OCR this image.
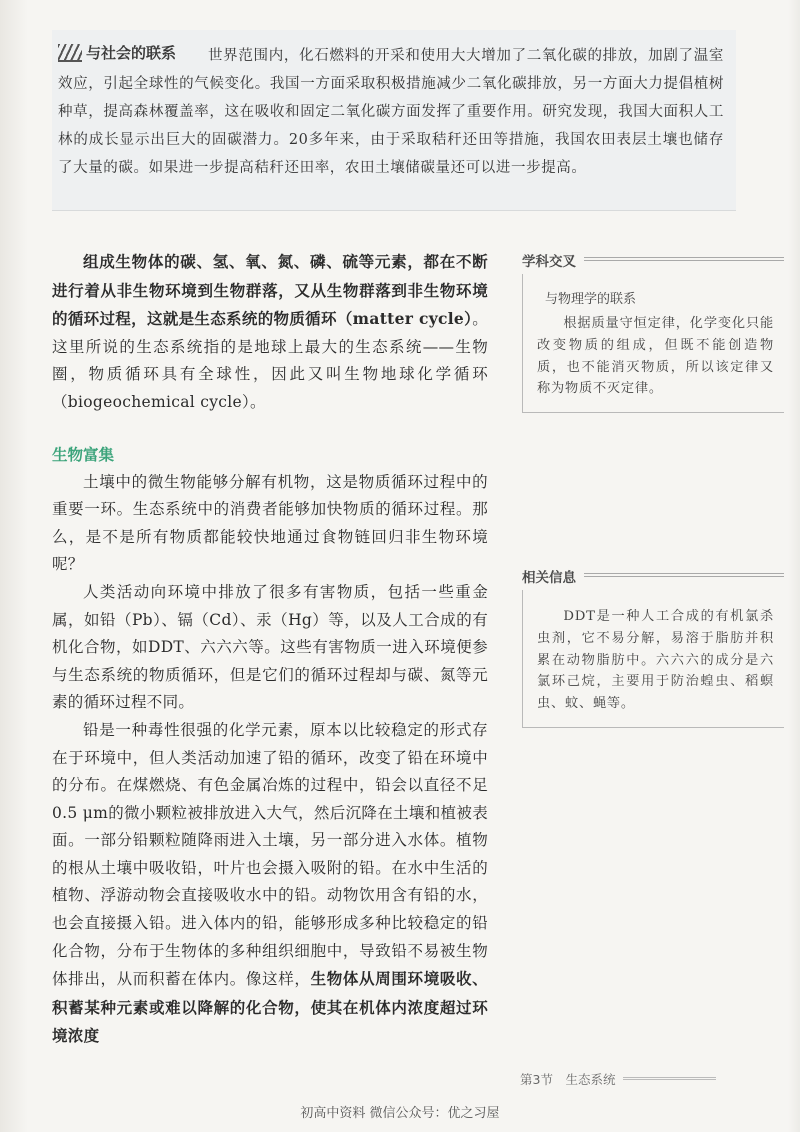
与社会的联系	世界范围内，化石燃料的开采和使用大大增加了二氧化碳的排放，加剧了温室效应，引起全球性的气候变化。我国一方面采取积极措施减少二氧化碳排放，另一方面大力提倡植树种草，提高森林覆盖率，这在吸收和固定二氧化碳方面发挥了重要作用。研究发现，我国大面积人工林的成长显示出巨大的固碳潜力。20多年来，由于采取秸秆还田等措施，我国农田表层土壤也储存了大量的碳。如果进一步提高秸秆还田率，农田土壤储碳量还可以进一步提高。

组成生物体的碳、氢、氧、氮、磷、硫等元素，都在不断进行着从非生物环境到生物群落，又从生物群落到非生物环境的循环过程，这就是生态系统的物质循环（matter cycle）。这里所说的生态系统指的是地球上最大的生态系统——生物圈，物质循环具有全球性，因此又叫生物地球化学循环（biogeochemical cycle）。

生物富集

土壤中的微生物能够分解有机物，这是物质循环过程中的重要一环。生态系统中的消费者能够加快物质的循环过程。那么，是不是所有物质都能较快地通过食物链回归非生物环境呢？

人类活动向环境中排放了很多有害物质，包括一些重金属，如铅（Pb）、镉（Cd）、汞（Hg）等，以及人工合成的有机化合物，如DDT、六六六等。这些有害物质一进入环境便参与生态系统的物质循环，但是它们的循环过程却与碳、氮等元素的循环过程不同。

铅是一种毒性很强的化学元素，原本以比较稳定的形式存在于环境中，但人类活动加速了铅的循环，改变了铅在环境中的分布。在煤燃烧、有色金属冶炼的过程中，铅会以直径不足0.5 μm的微小颗粒被排放进入大气，然后沉降在土壤和植被表面。一部分铅颗粒随降雨进入土壤，另一部分进入水体。植物的根从土壤中吸收铅，叶片也会摄入吸附的铅。在水中生活的植物、浮游动物会直接吸收水中的铅。动物饮用含有铅的水，也会直接摄入铅。进入体内的铅，能够形成多种比较稳定的铅化合物，分布于生物体的多种组织细胞中，导致铅不易被生物体排出，从而积蓄在体内。像这样，生物体从周围环境吸收、积蓄某种元素或难以降解的化合物，使其在机体内浓度超过环境浓度

学科交叉
与物理学的联系

根据质量守恒定律，化学变化只能改变物质的组成，但既不能创造物质，也不能消灭物质，所以该定律又称为物质不灭定律。

相关信息

DDT是一种人工合成的有机氯杀虫剂，它不易分解，易溶于脂肪并积累在动物脂肪中。六六六的成分是六氯环己烷，主要用于防治蝗虫、稻螟虫、蚊、蝇等。

第3节　生态系统
初高中资料 微信公众号：优之习屋
